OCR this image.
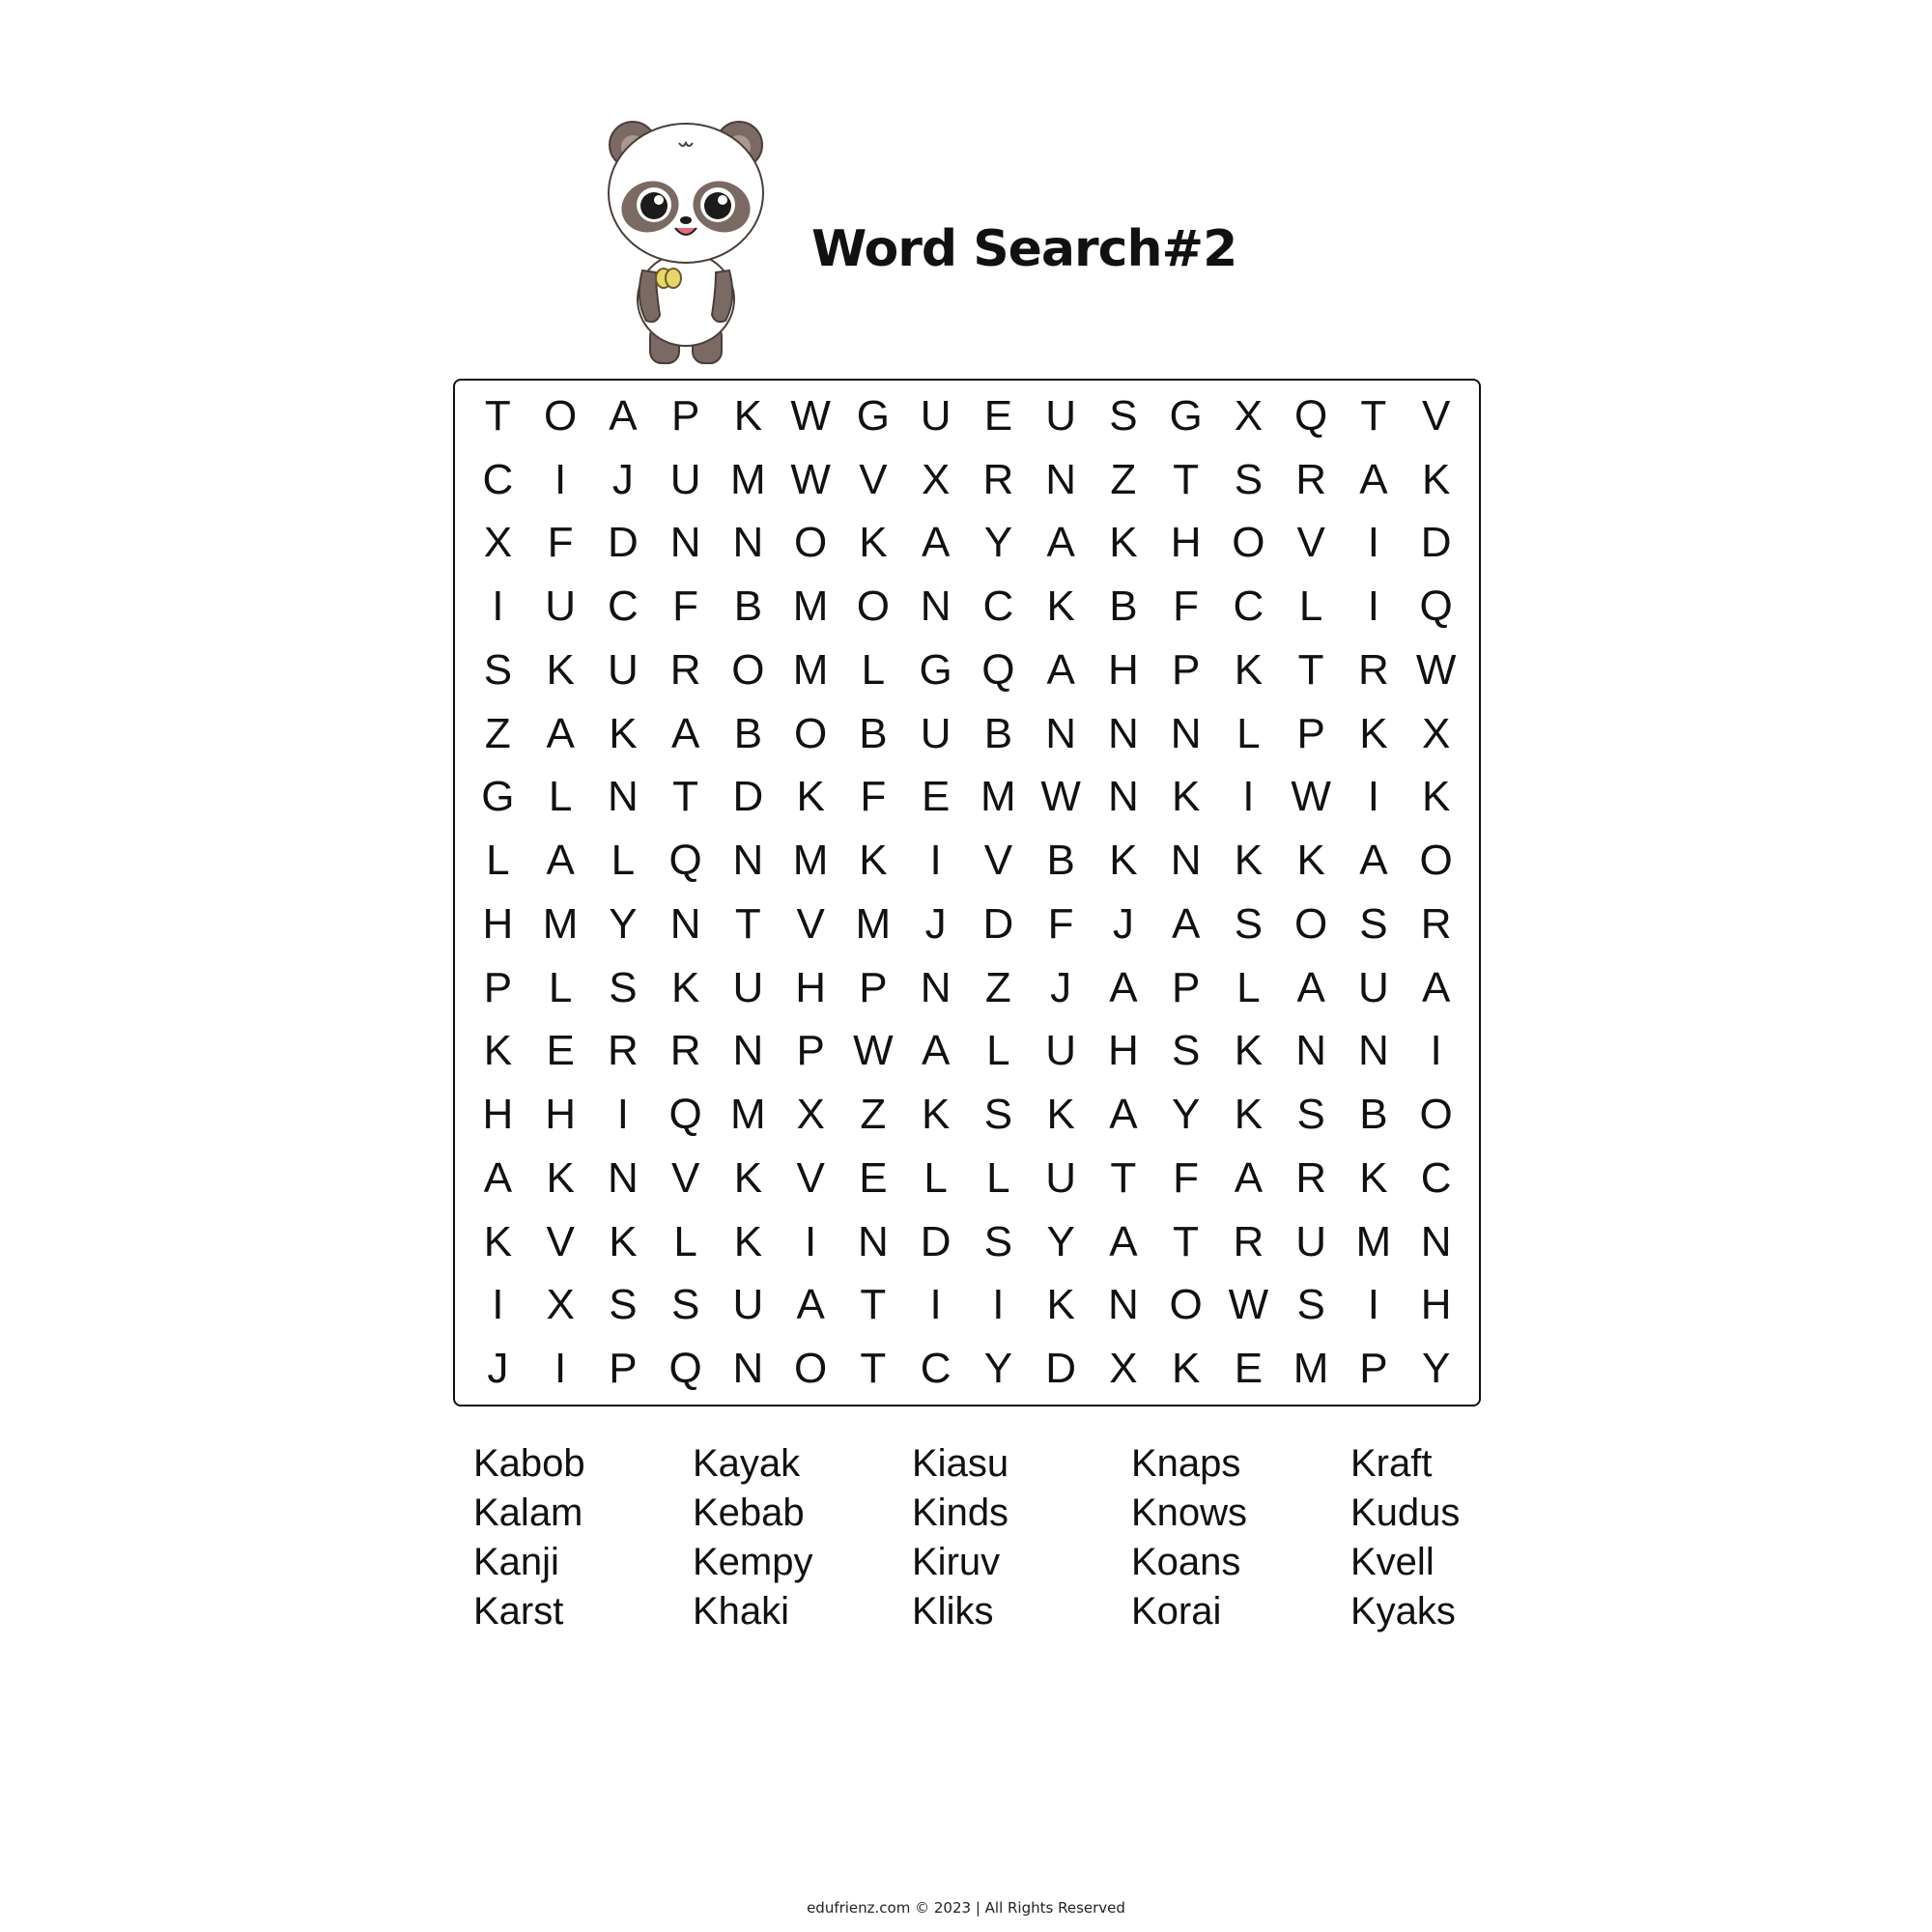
Word Search#2
T O A P K W G U E U S G X Q T V
C I	J U M W V X R N Z T S R A K
X F D N N O K A Y A K H O V I D
I U C F B M O N C K B F C L	I Q
S K U R O M L G Q A H P K T R W
Z A K A B O B U B N N N L P K X
G L N T D K F E M W N K I W I K
L A L Q N M K I V B K N K K A O
H M Y N T V M J D F J A S O S R
P L S K U H P N Z J A P L A U A
K E R R N P W A L U H S K N N I
H H I Q M X Z K S K A Y K S B O
A K N V K V E L L U T F A R K C
K V K L K I N D S Y A T R U M N
I X S S U A T	I	I K N O W S I H
J	I P Q N O T C Y D X K E M P Y
Kabob
Kalam
Kanji
Karst
Kayak
Kebab
Kempy
Khaki
Kiasu
Kinds
Kiruv
Kliks
Knaps
Knows
Koans
Korai
Kraft
Kudus
Kvell
Kyaks
edufrienz.com © 2023 | All Rights Reserved
